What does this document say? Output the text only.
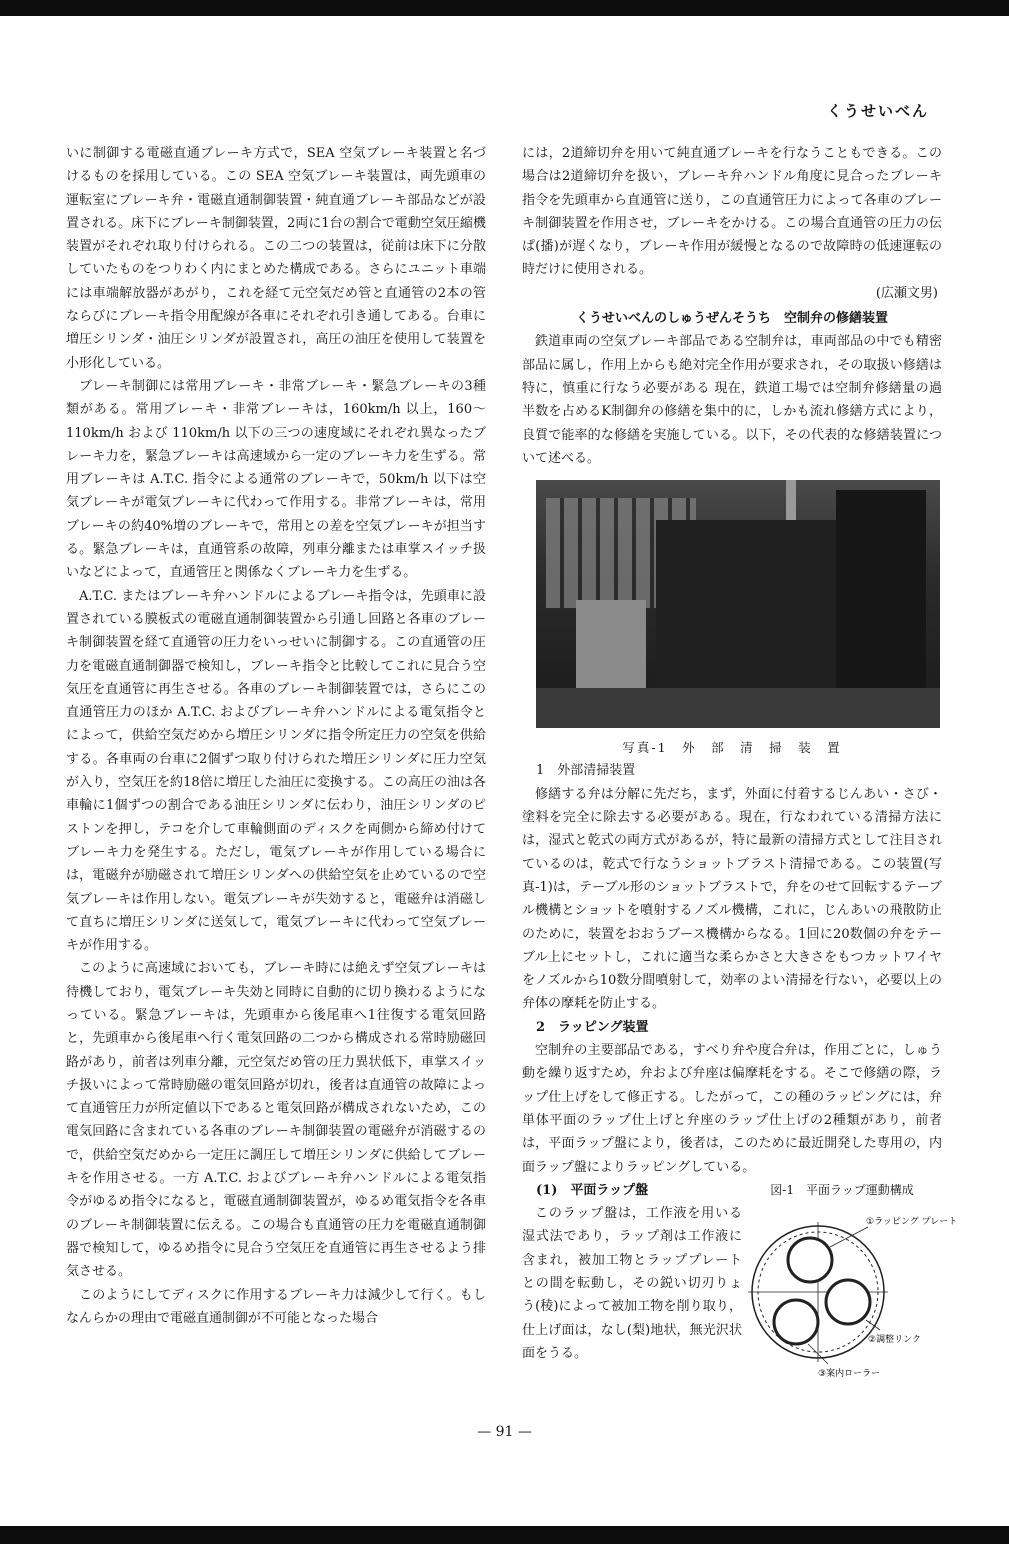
くうせいべん

いに制御する電磁直通ブレーキ方式で，SEA 空気ブレーキ装置と名づけるものを採用している。この SEA 空気ブレーキ装置は，両先頭車の運転室にブレーキ弁・電磁直通制御装置・純直通ブレーキ部品などが設置される。床下にブレーキ制御装置，2両に1台の割合で電動空気圧縮機装置がそれぞれ取り付けられる。この二つの装置は，従前は床下に分散していたものをつりわく内にまとめた構成である。さらにユニット車端には車端解放器があがり，これを経て元空気だめ管と直通管の2本の管ならびにブレーキ指令用配線が各車にそれぞれ引き通してある。台車に増圧シリンダ・油圧シリンダが設置され，高圧の油圧を使用して装置を小形化している。

ブレーキ制御には常用ブレーキ・非常ブレーキ・緊急ブレーキの3種類がある。常用ブレーキ・非常ブレーキは，160km/h 以上，160〜110km/h および 110km/h 以下の三つの速度域にそれぞれ異なったブレーキ力を，緊急ブレーキは高速域から一定のブレーキ力を生ずる。常用ブレーキは A.T.C. 指令による通常のブレーキで，50km/h 以下は空気ブレーキが電気ブレーキに代わって作用する。非常ブレーキは，常用ブレーキの約40%増のブレーキで，常用との差を空気ブレーキが担当する。緊急ブレーキは，直通管系の故障，列車分離または車掌スイッチ扱いなどによって，直通管圧と関係なくブレーキ力を生ずる。

A.T.C. またはブレーキ弁ハンドルによるブレーキ指令は，先頭車に設置されている膜板式の電磁直通制御装置から引通し回路と各車のブレーキ制御装置を経て直通管の圧力をいっせいに制御する。この直通管の圧力を電磁直通制御器で検知し，ブレーキ指令と比較してこれに見合う空気圧を直通管に再生させる。各車のブレーキ制御装置では，さらにこの直通管圧力のほか A.T.C. およびブレーキ弁ハンドルによる電気指令とによって，供給空気だめから増圧シリンダに指令所定圧力の空気を供給する。各車両の台車に2個ずつ取り付けられた増圧シリンダに圧力空気が入り，空気圧を約18倍に増圧した油圧に変換する。この高圧の油は各車輪に1個ずつの割合である油圧シリンダに伝わり，油圧シリンダのピストンを押し，テコを介して車輪側面のディスクを両側から締め付けてブレーキ力を発生する。ただし，電気ブレーキが作用している場合には，電磁弁が励磁されて増圧シリンダへの供給空気を止めているので空気ブレーキは作用しない。電気ブレーキが失効すると，電磁弁は消磁して直ちに増圧シリンダに送気して，電気ブレーキに代わって空気ブレーキが作用する。

このように高速域においても，ブレーキ時には絶えず空気ブレーキは待機しており，電気ブレーキ失効と同時に自動的に切り換わるようになっている。緊急ブレーキは，先頭車から後尾車へ1往復する電気回路と，先頭車から後尾車へ行く電気回路の二つから構成される常時励磁回路があり，前者は列車分離，元空気だめ管の圧力異状低下，車掌スイッチ扱いによって常時励磁の電気回路が切れ，後者は直通管の故障によって直通管圧力が所定値以下であると電気回路が構成されないため，この電気回路に含まれている各車のブレーキ制御装置の電磁弁が消磁するので，供給空気だめから一定圧に調圧して増圧シリンダに供給してブレーキを作用させる。一方 A.T.C. およびブレーキ弁ハンドルによる電気指令がゆるめ指令になると，電磁直通制御装置が，ゆるめ電気指令を各車のブレーキ制御装置に伝える。この場合も直通管の圧力を電磁直通制御器で検知して，ゆるめ指令に見合う空気圧を直通管に再生させるよう排気させる。

このようにしてディスクに作用するブレーキ力は減少して行く。もしなんらかの理由で電磁直通制御が不可能となった場合

には，2道締切弁を用いて純直通ブレーキを行なうこともできる。この場合は2道締切弁を扱い，ブレーキ弁ハンドル角度に見合ったブレーキ指令を先頭車から直通管に送り，この直通管圧力によって各車のブレーキ制御装置を作用させ，ブレーキをかける。この場合直通管の圧力の伝ぱ(播)が遅くなり，ブレーキ作用が緩慢となるので故障時の低速運転の時だけに使用される。

(広瀬文男)

くうせいべんのしゅうぜんそうち　空制弁の修繕装置

鉄道車両の空気ブレーキ部品である空制弁は，車両部品の中でも精密部品に属し，作用上からも絶対完全作用が要求され，その取扱い修繕は特に，慎重に行なう必要がある 現在，鉄道工場では空制弁修繕量の過半数を占めるK制御弁の修繕を集中的に，しかも流れ修繕方式により，良質で能率的な修繕を実施している。以下，その代表的な修繕装置について述べる。

写真-1　外　部　清　掃　装　置

1　外部清掃装置

修繕する弁は分解に先だち，まず，外面に付着するじんあい・さび・塗料を完全に除去する必要がある。現在，行なわれている清掃方法には，湿式と乾式の両方式があるが，特に最新の清掃方式として注目されているのは，乾式で行なうショットブラスト清掃である。この装置(写真-1)は，テーブル形のショットブラストで，弁をのせて回転するテーブル機構とショットを噴射するノズル機構，これに，じんあいの飛散防止のために，装置をおおうブース機構からなる。1回に20数個の弁をテーブル上にセットし，これに適当な柔らかさと大きさをもつカットワイヤをノズルから10数分間噴射して，効率のよい清掃を行ない，必要以上の弁体の摩耗を防止する。

2　ラッピング装置

空制弁の主要部品である，すべり弁や度合弁は，作用ごとに，しゅう動を繰り返すため，弁および弁座は偏摩耗をする。そこで修繕の際，ラップ仕上げをして修正する。したがって，この種のラッピングには，弁単体平面のラップ仕上げと弁座のラップ仕上げの2種類があり，前者は，平面ラップ盤により，後者は，このために最近開発した専用の，内面ラップ盤によりラッピングしている。

(1)　平面ラップ盤

このラップ盤は，工作液を用いる湿式法であり，ラップ剤は工作液に含まれ，被加工物とラッププレートとの間を転動し，その鋭い切刃りょう(稜)によって被加工物を削り取り，仕上げ面は，なし(梨)地状，無光沢状面をうる。

図-1　平面ラップ運動構成
①ラッピング プレート
②調整リンク
③案内ローラー
— 91 —
